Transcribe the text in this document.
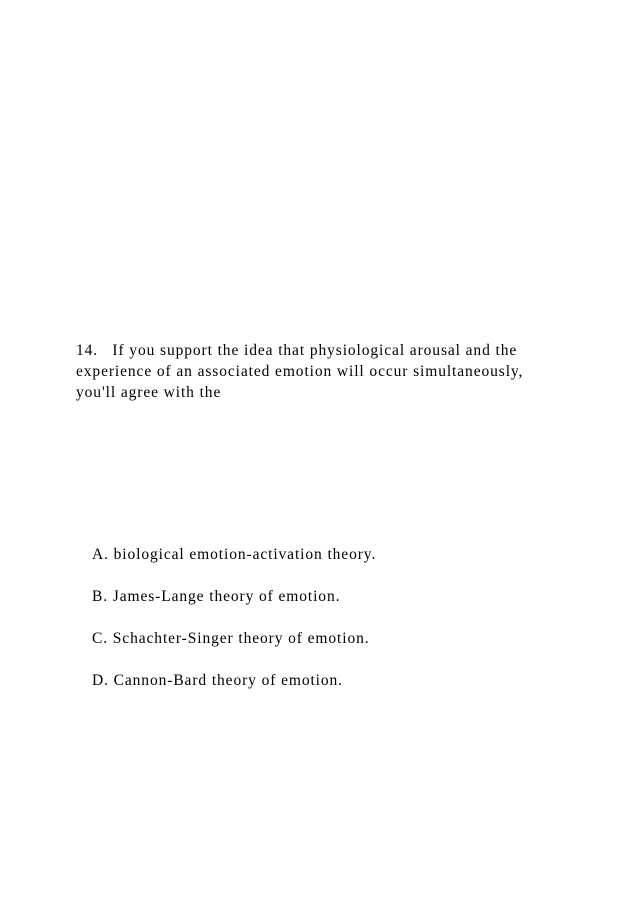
14.   If you support the idea that physiological arousal and the
experience of an associated emotion will occur simultaneously,
you'll agree with the
A. biological emotion-activation theory.
B. James-Lange theory of emotion.
C. Schachter-Singer theory of emotion.
D. Cannon-Bard theory of emotion.
